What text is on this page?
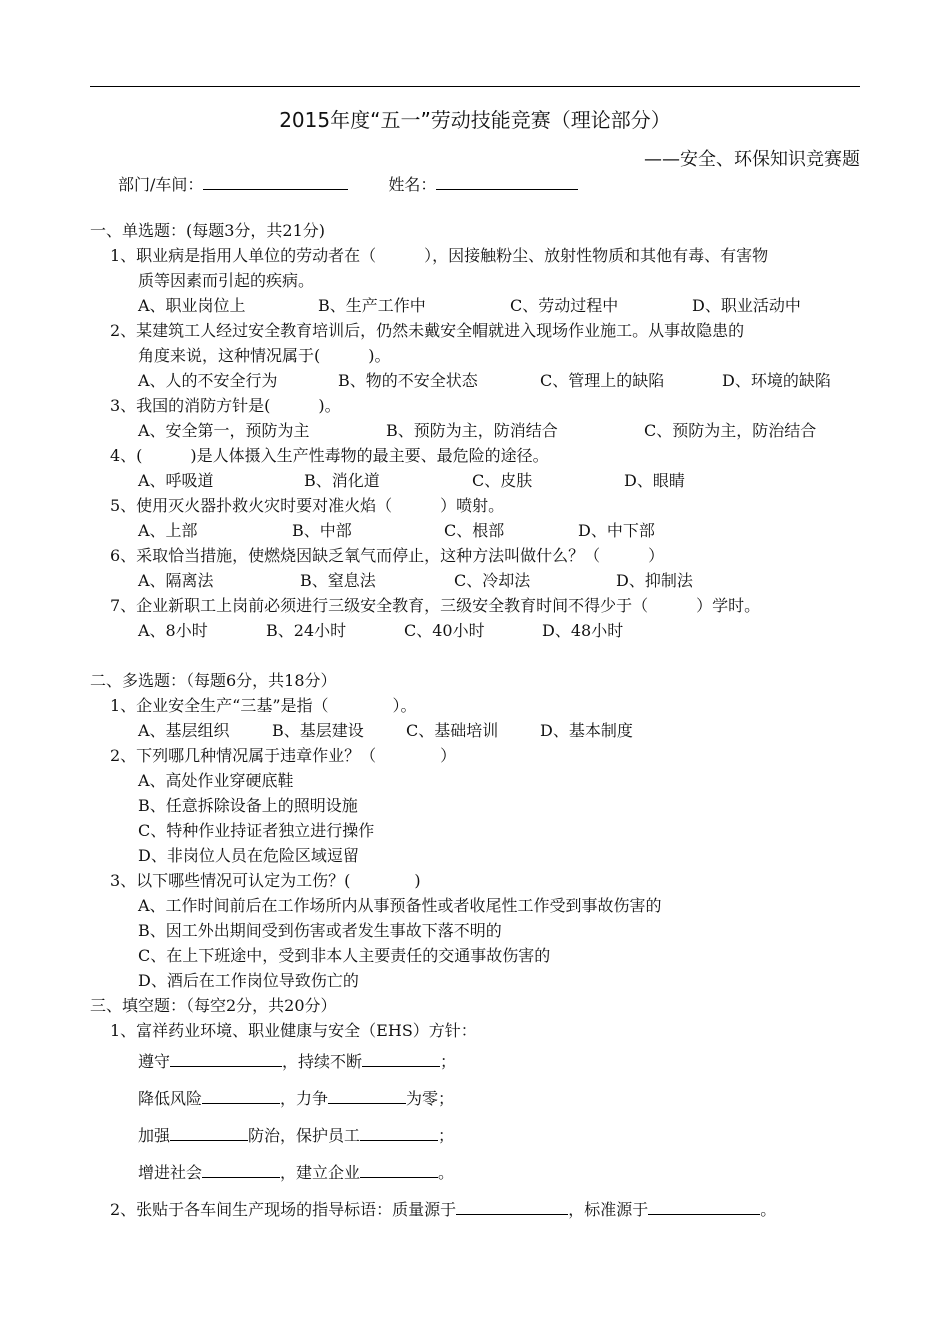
2015年度“五一”劳动技能竞赛（理论部分）
——安全、环保知识竞赛题
部门/车间：	姓名：
一、单选题：(每题3分，共21分)
1、职业病是指用人单位的劳动者在（　　　），因接触粉尘、放射性物质和其他有毒、有害物
质等因素而引起的疾病。
A、职业岗位上	B、生产工作中	C、劳动过程中	D、职业活动中
2、某建筑工人经过安全教育培训后，仍然未戴安全帽就进入现场作业施工。从事故隐患的
角度来说，这种情况属于(　　　)。
A、人的不安全行为	B、物的不安全状态	C、管理上的缺陷	D、环境的缺陷
3、我国的消防方针是(　　　)。
A、安全第一，预防为主	B、预防为主，防消结合	C、预防为主，防治结合
4、(　　　)是人体摄入生产性毒物的最主要、最危险的途径。
A、呼吸道	B、消化道	C、皮肤	D、眼睛
5、使用灭火器扑救火灾时要对准火焰（　　　）喷射。
A、上部	B、中部	C、根部	D、中下部
6、采取恰当措施，使燃烧因缺乏氧气而停止，这种方法叫做什么？（　　　）
A、隔离法	B、窒息法	C、冷却法	D、抑制法
7、企业新职工上岗前必须进行三级安全教育，三级安全教育时间不得少于（　　　）学时。
A、8小时	B、24小时	C、40小时	D、48小时
二、多选题：（每题6分，共18分）
1、企业安全生产“三基”是指（　　　　）。
A、基层组织	B、基层建设	C、基础培训	D、基本制度
2、下列哪几种情况属于违章作业？（　　　　）
A、高处作业穿硬底鞋
B、任意拆除设备上的照明设施
C、特种作业持证者独立进行操作
D、非岗位人员在危险区域逗留
3、以下哪些情况可认定为工伤？(　　　　)
A、工作时间前后在工作场所内从事预备性或者收尾性工作受到事故伤害的
B、因工外出期间受到伤害或者发生事故下落不明的
C、在上下班途中，受到非本人主要责任的交通事故伤害的
D、酒后在工作岗位导致伤亡的
三、填空题：（每空2分，共20分）
1、富祥药业环境、职业健康与安全（EHS）方针：
遵守	，持续不断	；
降低风险	，力争	为零；
加强	防治，保护员工	；
增进社会	，建立企业	。
2、张贴于各车间生产现场的指导标语：质量源于	，标准源于	。
